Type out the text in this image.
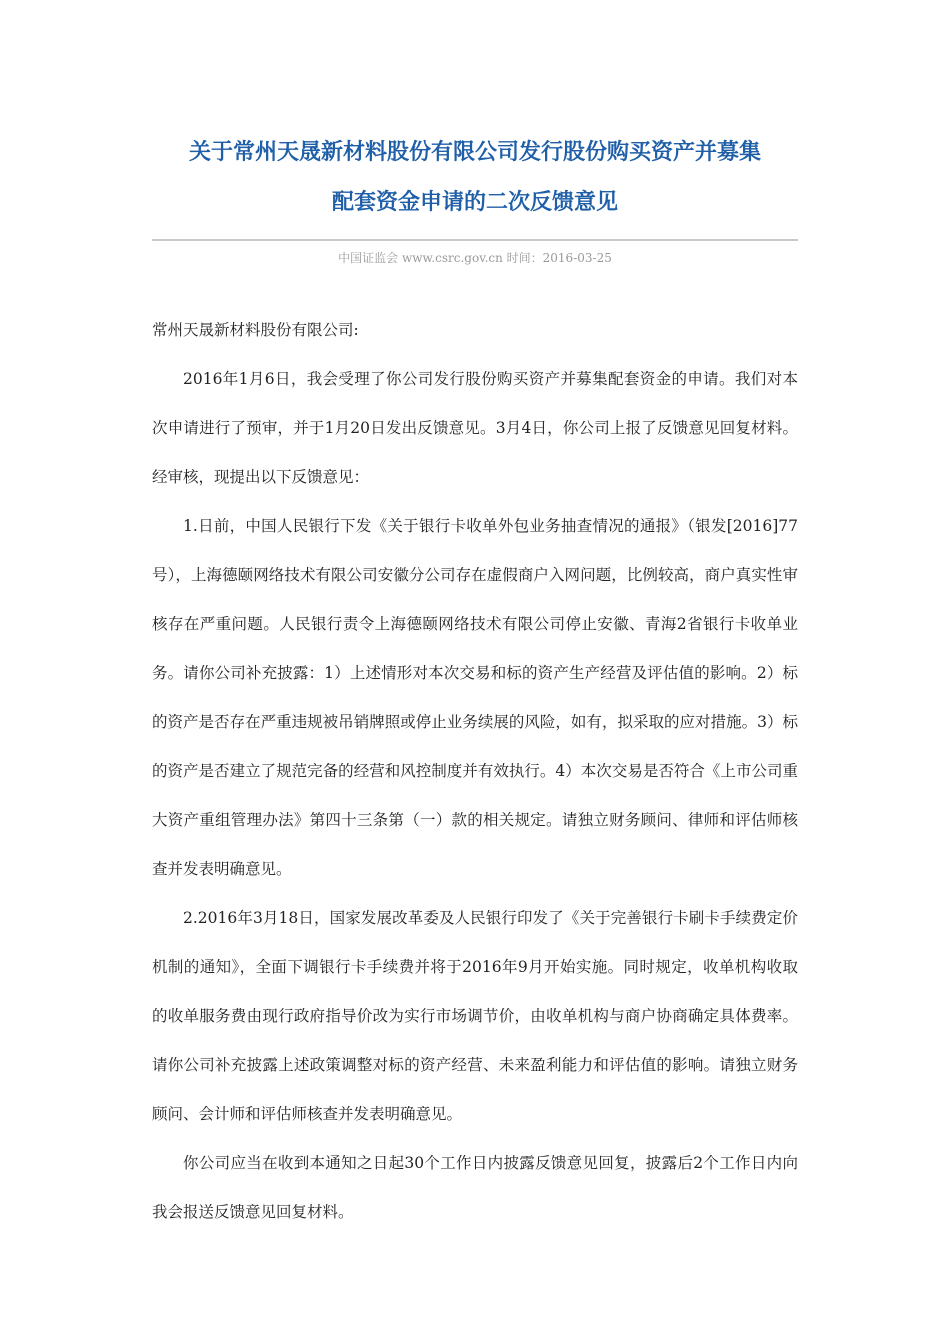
关于常州天晟新材料股份有限公司发行股份购买资产并募集
配套资金申请的二次反馈意见
中国证监会 www.csrc.gov.cn 时间：2016-03-25

常州天晟新材料股份有限公司:

2016年1月6日，我会受理了你公司发行股份购买资产并募集配套资金的申请。我们对本次申请进行了预审，并于1月20日发出反馈意见。3月4日，你公司上报了反馈意见回复材料。经审核，现提出以下反馈意见：

1.日前，中国人民银行下发《关于银行卡收单外包业务抽查情况的通报》（银发[2016]77号），上海德颐网络技术有限公司安徽分公司存在虚假商户入网问题，比例较高，商户真实性审核存在严重问题。人民银行责令上海德颐网络技术有限公司停止安徽、青海2省银行卡收单业务。请你公司补充披露：1）上述情形对本次交易和标的资产生产经营及评估值的影响。2）标的资产是否存在严重违规被吊销牌照或停止业务续展的风险，如有，拟采取的应对措施。3）标的资产是否建立了规范完备的经营和风控制度并有效执行。4）本次交易是否符合《上市公司重大资产重组管理办法》第四十三条第（一）款的相关规定。请独立财务顾问、律师和评估师核查并发表明确意见。

2.2016年3月18日，国家发展改革委及人民银行印发了《关于完善银行卡刷卡手续费定价机制的通知》，全面下调银行卡手续费并将于2016年9月开始实施。同时规定，收单机构收取的收单服务费由现行政府指导价改为实行市场调节价，由收单机构与商户协商确定具体费率。请你公司补充披露上述政策调整对标的资产经营、未来盈利能力和评估值的影响。请独立财务顾问、会计师和评估师核查并发表明确意见。

你公司应当在收到本通知之日起30个工作日内披露反馈意见回复，披露后2个工作日内向我会报送反馈意见回复材料。
